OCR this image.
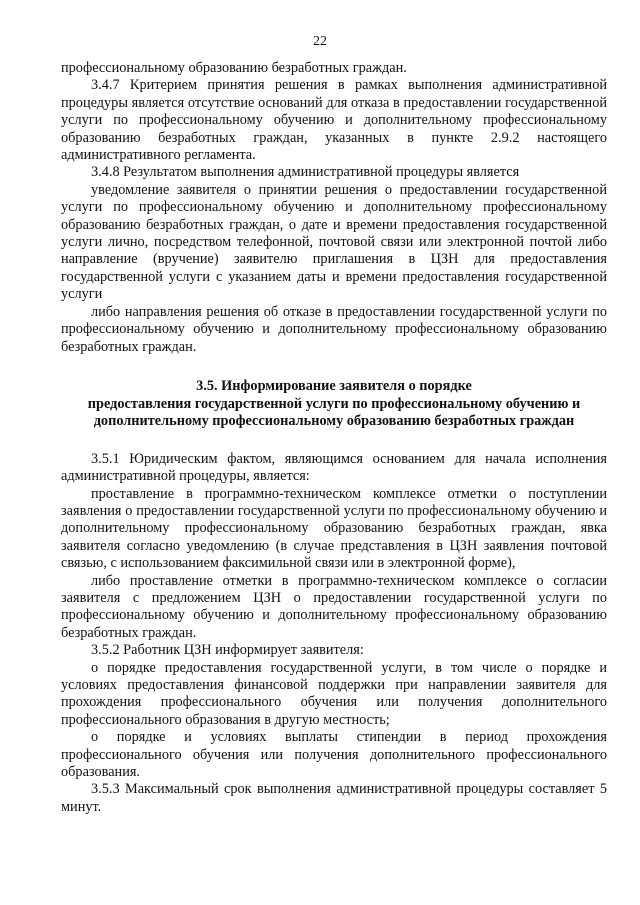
22

профессиональному образованию безработных граждан.

3.4.7 Критерием принятия решения в рамках выполнения административной процедуры является отсутствие оснований для отказа в предоставлении государственной услуги по профессиональному обучению и дополнительному профессиональному образованию безработных граждан, указанных в пункте 2.9.2 настоящего административного регламента.

3.4.8 Результатом выполнения административной процедуры является

уведомление заявителя о принятии решения о предоставлении государственной услуги по профессиональному обучению и дополнительному профессиональному образованию безработных граждан, о дате и времени предоставления государственной услуги лично, посредством телефонной, почтовой связи или электронной почтой либо направление (вручение) заявителю приглашения в ЦЗН для предоставления государственной услуги с указанием даты и времени предоставления государственной услуги

либо направления решения об отказе в предоставлении государственной услуги по профессиональному обучению и дополнительному профессиональному образованию безработных граждан.

3.5. Информирование заявителя о порядке
предоставления государственной услуги по профессиональному обучению и
дополнительному профессиональному образованию безработных граждан

3.5.1 Юридическим фактом, являющимся основанием для начала исполнения административной процедуры, является:

проставление в программно-техническом комплексе отметки о поступлении заявления о предоставлении государственной услуги по профессиональному обучению и дополнительному профессиональному образованию безработных граждан, явка заявителя согласно уведомлению (в случае представления в ЦЗН заявления почтовой связью, с использованием факсимильной связи или в электронной форме),

либо проставление отметки в программно-техническом комплексе о согласии заявителя с предложением ЦЗН о предоставлении государственной услуги по профессиональному обучению и дополнительному профессиональному образованию безработных граждан.

3.5.2 Работник ЦЗН информирует заявителя:

о порядке предоставления государственной услуги, в том числе о порядке и условиях предоставления финансовой поддержки при направлении заявителя для прохождения профессионального обучения или получения дополнительного профессионального образования в другую местность;

о порядке и условиях выплаты стипендии в период прохождения профессионального обучения или получения дополнительного профессионального образования.

3.5.3 Максимальный срок выполнения административной процедуры составляет 5 минут.
